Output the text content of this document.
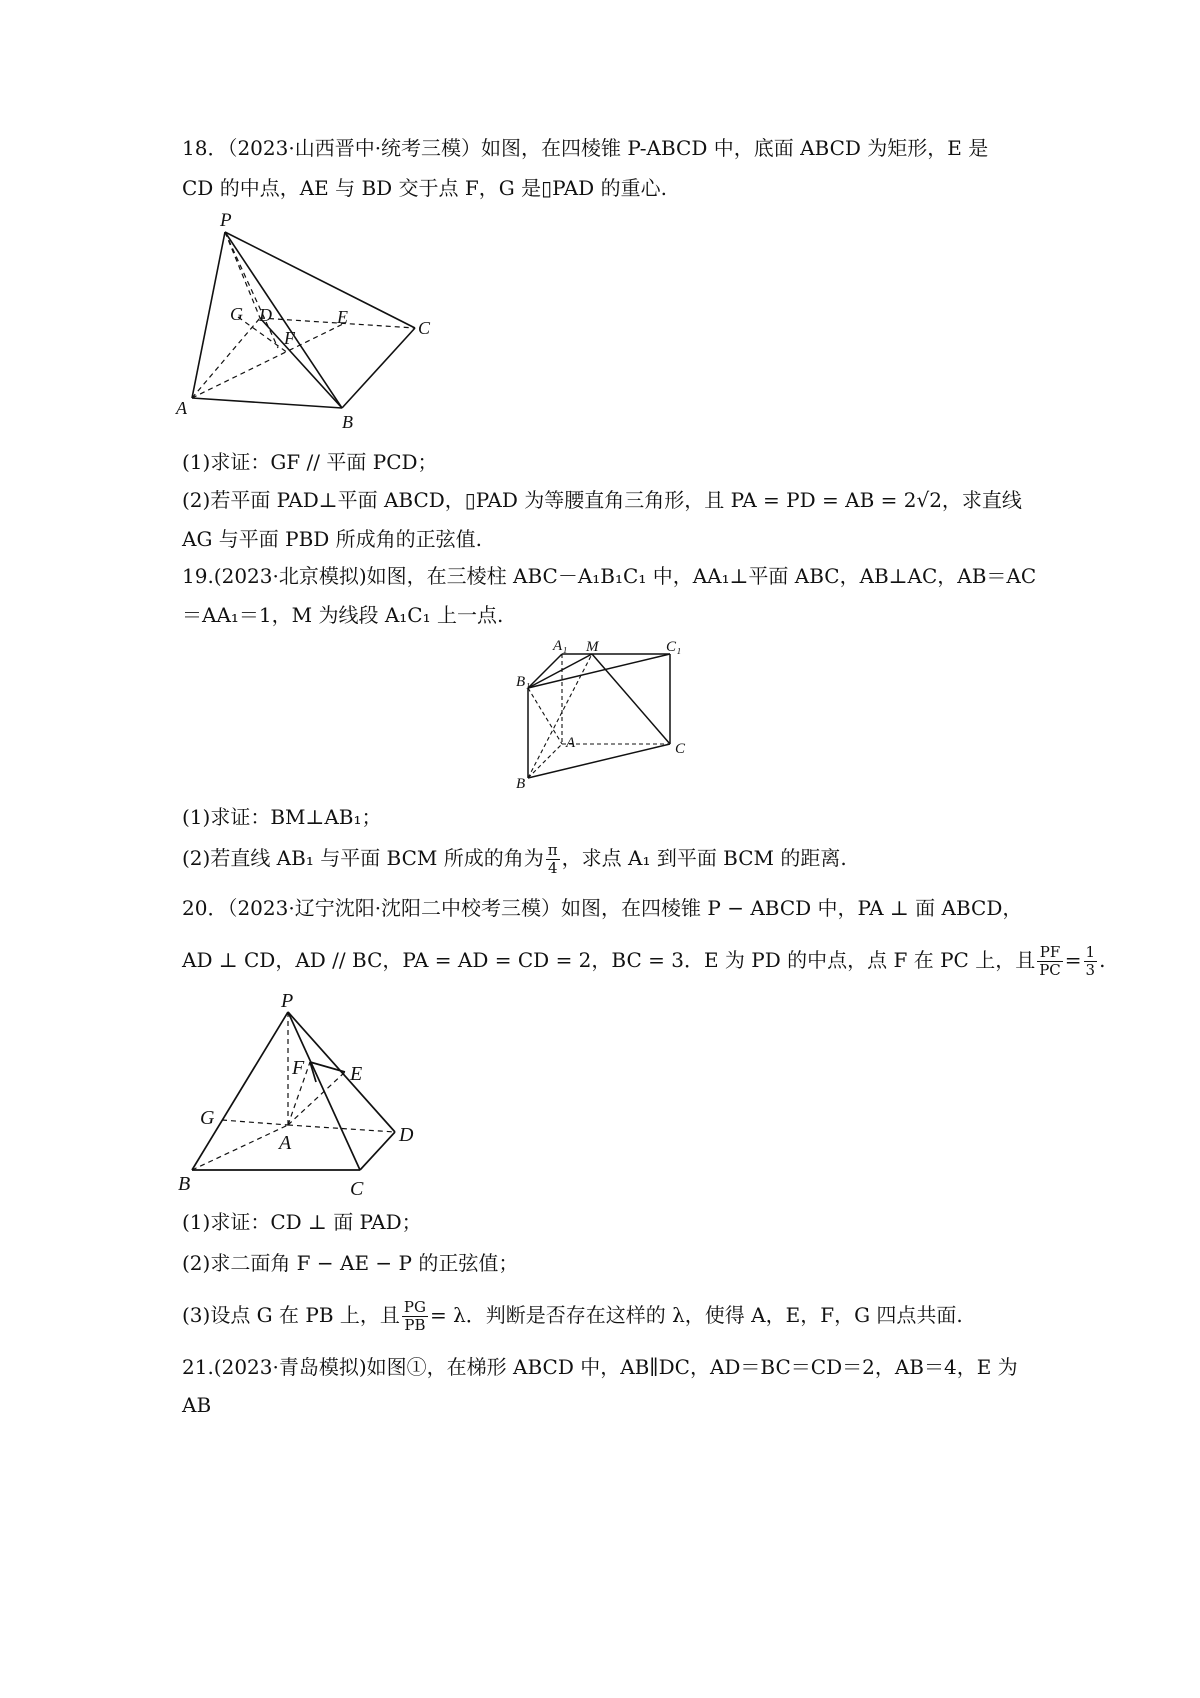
18．（2023·山西晋中·统考三模）如图，在四棱锥 P-ABCD 中，底面 ABCD 为矩形，E 是
CD 的中点，AE 与 BD 交于点 F，G 是▯PAD 的重心.
P
G D	E
C
F
A
B
(1)求证：GF // 平面 PCD；
(2)若平面 PAD⊥平面 ABCD，▯PAD 为等腰直角三角形，且 PA = PD = AB = 2√2，求直线
AG 与平面 PBD 所成角的正弦值.
19.(2023·北京模拟)如图，在三棱柱 ABC－A₁B₁C₁ 中，AA₁⊥平面 ABC，AB⊥AC，AB＝AC
＝AA₁＝1，M 为线段 A₁C₁ 上一点.
A₁ M	C₁
B₁
A	C
B
(1)求证：BM⊥AB₁；
(2)若直线 AB₁ 与平面 BCM 所成的角为 $\frac{\pi}{4}$ ，求点 A₁ 到平面 BCM 的距离.
20．（2023·辽宁沈阳·沈阳二中校考三模）如图，在四棱锥 P − ABCD 中，PA ⊥ 面 ABCD，
AD ⊥ CD，AD // BC，PA = AD = CD = 2，BC = 3．E 为 PD 的中点，点 F 在 PC 上，且 $\frac{PF}{PC} = \frac{1}{3}$ .
P
F E
G
A	D
B	C
(1)求证：CD ⊥ 面 PAD；
(2)求二面角 F − AE − P 的正弦值；
(3)设点 G 在 PB 上，且 $\frac{PG}{PB} = \lambda$．判断是否存在这样的 λ，使得 A，E，F，G 四点共面.
21.(2023·青岛模拟)如图①，在梯形 ABCD 中，AB∥DC，AD＝BC＝CD＝2，AB＝4，E 为
AB
